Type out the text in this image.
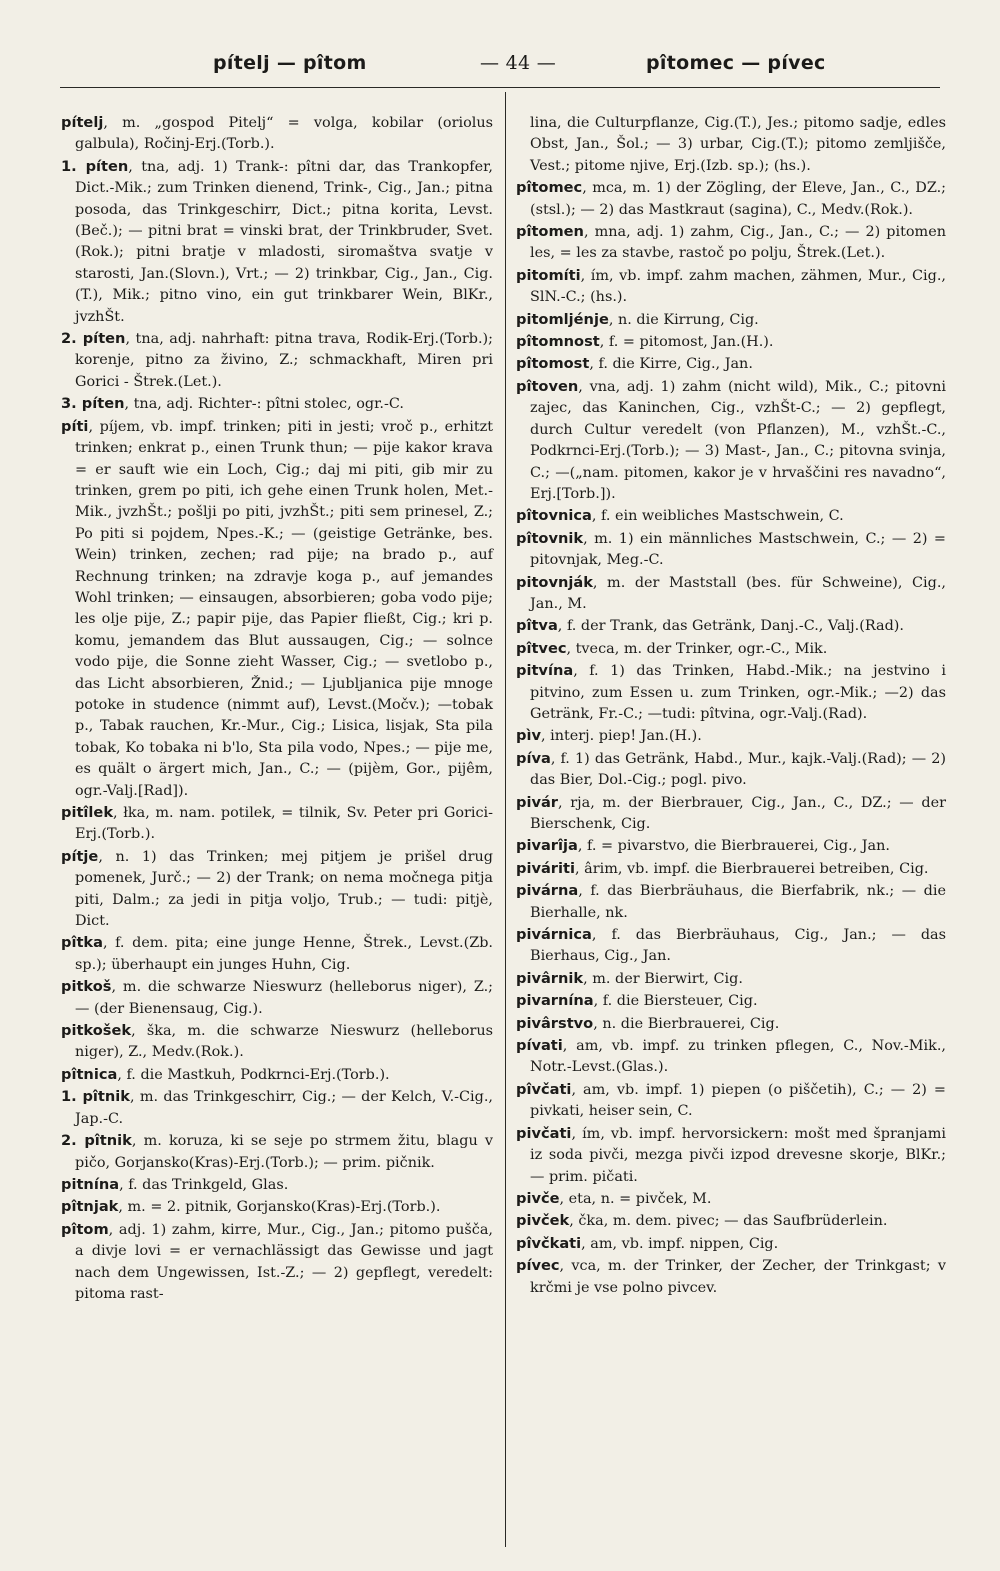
pítelj — pîtom	— 44 —	pîtomec — pívec

pítelj, m. „gospod Pitelj“ = volga, kobilar (oriolus galbula), Ročinj-Erj.(Torb.).

1. píten, tna, adj. 1) Trank-: pîtni dar, das Trankopfer, Dict.-Mik.; zum Trinken dienend, Trink-, Cig., Jan.; pitna posoda, das Trinkgeschirr, Dict.; pitna korita, Levst.(Beč.); — pitni brat = vinski brat, der Trinkbruder, Svet.(Rok.); pitni bratje v mladosti, siromaštva svatje v starosti, Jan.(Slovn.), Vrt.; — 2) trinkbar, Cig., Jan., Cig.(T.), Mik.; pitno vino, ein gut trinkbarer Wein, BlKr., jvzhŠt.

2. píten, tna, adj. nahrhaft: pitna trava, Rodik-Erj.(Torb.); korenje, pitno za živino, Z.; schmackhaft, Miren pri Gorici - Štrek.(Let.).

3. píten, tna, adj. Richter-: pîtni stolec, ogr.-C.

píti, píjem, vb. impf. trinken; piti in jesti; vroč p., erhitzt trinken; enkrat p., einen Trunk thun; — pije kakor krava = er sauft wie ein Loch, Cig.; daj mi piti, gib mir zu trinken, grem po piti, ich gehe einen Trunk holen, Met.-Mik., jvzhŠt.; pošlji po piti, jvzhŠt.; piti sem prinesel, Z.; Po piti si pojdem, Npes.-K.; — (geistige Getränke, bes. Wein) trinken, zechen; rad pije; na brado p., auf Rechnung trinken; na zdravje koga p., auf jemandes Wohl trinken; — einsaugen, absorbieren; goba vodo pije; les olje pije, Z.; papir pije, das Papier fließt, Cig.; kri p. komu, jemandem das Blut aussaugen, Cig.; — solnce vodo pije, die Sonne zieht Wasser, Cig.; — svetlobo p., das Licht absorbieren, Žnid.; — Ljubljanica pije mnoge potoke in studence (nimmt auf), Levst.(Močv.); —tobak p., Tabak rauchen, Kr.-Mur., Cig.; Lisica, lisjak, Sta pila tobak, Ko tobaka ni b'lo, Sta pila vodo, Npes.; — pije me, es quält o ärgert mich, Jan., C.; — (pijèm, Gor., pijêm, ogr.-Valj.[Rad]).

pitîlek, łka, m. nam. potilek, = tilnik, Sv. Peter pri Gorici-Erj.(Torb.).

pítje, n. 1) das Trinken; mej pitjem je prišel drug pomenek, Jurč.; — 2) der Trank; on nema močnega pitja piti, Dalm.; za jedi in pitja voljo, Trub.; — tudi: pitjè, Dict.

pîtka, f. dem. pita; eine junge Henne, Štrek., Levst.(Zb. sp.); überhaupt ein junges Huhn, Cig.

pitkoš, m. die schwarze Nieswurz (helleborus niger), Z.; — (der Bienensaug, Cig.).

pitkošek, ška, m. die schwarze Nieswurz (helleborus niger), Z., Medv.(Rok.).

pîtnica, f. die Mastkuh, Podkrnci-Erj.(Torb.).

1. pîtnik, m. das Trinkgeschirr, Cig.; — der Kelch, V.-Cig., Jap.-C.

2. pîtnik, m. koruza, ki se seje po strmem žitu, blagu v pičo, Gorjansko(Kras)-Erj.(Torb.); — prim. pičnik.

pitnína, f. das Trinkgeld, Glas.

pîtnjak, m. = 2. pitnik, Gorjansko(Kras)-Erj.(Torb.).

pîtom, adj. 1) zahm, kirre, Mur., Cig., Jan.; pitomo pušča, a divje lovi = er vernachlässigt das Gewisse und jagt nach dem Ungewissen, Ist.-Z.; — 2) gepflegt, veredelt: pitoma rast-

lina, die Culturpflanze, Cig.(T.), Jes.; pitomo sadje, edles Obst, Jan., Šol.; — 3) urbar, Cig.(T.); pitomo zemljišče, Vest.; pitome njive, Erj.(Izb. sp.); (hs.).

pîtomec, mca, m. 1) der Zögling, der Eleve, Jan., C., DZ.; (stsl.); — 2) das Mastkraut (sagina), C., Medv.(Rok.).

pîtomen, mna, adj. 1) zahm, Cig., Jan., C.; — 2) pitomen les, = les za stavbe, rastoč po polju, Štrek.(Let.).

pitomíti, ím, vb. impf. zahm machen, zähmen, Mur., Cig., SlN.-C.; (hs.).

pitomljénje, n. die Kirrung, Cig.

pîtomnost, f. = pitomost, Jan.(H.).

pîtomost, f. die Kirre, Cig., Jan.

pîtoven, vna, adj. 1) zahm (nicht wild), Mik., C.; pitovni zajec, das Kaninchen, Cig., vzhŠt-C.; — 2) gepflegt, durch Cultur veredelt (von Pflanzen), M., vzhŠt.-C., Podkrnci-Erj.(Torb.); — 3) Mast-, Jan., C.; pitovna svinja, C.; —(„nam. pitomen, kakor je v hrvaščini res navadno“, Erj.[Torb.]).

pîtovnica, f. ein weibliches Mastschwein, C.

pîtovnik, m. 1) ein männliches Mastschwein, C.; — 2) = pitovnjak, Meg.-C.

pitovnják, m. der Maststall (bes. für Schweine), Cig., Jan., M.

pîtva, f. der Trank, das Getränk, Danj.-C., Valj.(Rad).

pîtvec, tveca, m. der Trinker, ogr.-C., Mik.

pitvína, f. 1) das Trinken, Habd.-Mik.; na jestvino i pitvino, zum Essen u. zum Trinken, ogr.-Mik.; —2) das Getränk, Fr.-C.; —tudi: pîtvina, ogr.-Valj.(Rad).

pìv, interj. piep! Jan.(H.).

píva, f. 1) das Getränk, Habd., Mur., kajk.-Valj.(Rad); — 2) das Bier, Dol.-Cig.; pogl. pivo.

pivár, rja, m. der Bierbrauer, Cig., Jan., C., DZ.; — der Bierschenk, Cig.

pivarîja, f. = pivarstvo, die Bierbrauerei, Cig., Jan.

piváriti, ârim, vb. impf. die Bierbrauerei betreiben, Cig.

pivárna, f. das Bierbräuhaus, die Bierfabrik, nk.; — die Bierhalle, nk.

pivárnica, f. das Bierbräuhaus, Cig., Jan.; — das Bierhaus, Cig., Jan.

pivârnik, m. der Bierwirt, Cig.

pivarnína, f. die Biersteuer, Cig.

pivârstvo, n. die Bierbrauerei, Cig.

pívati, am, vb. impf. zu trinken pflegen, C., Nov.-Mik., Notr.-Levst.(Glas.).

pîvčati, am, vb. impf. 1) piepen (o piščetih), C.; — 2) = pivkati, heiser sein, C.

pivčati, ím, vb. impf. hervorsickern: mošt med špranjami iz soda pivči, mezga pivči izpod drevesne skorje, BlKr.; — prim. pičati.

pivče, eta, n. = pivček, M.

pivček, čka, m. dem. pivec; — das Saufbrüderlein.

pîvčkati, am, vb. impf. nippen, Cig.

pívec, vca, m. der Trinker, der Zecher, der Trinkgast; v krčmi je vse polno pivcev.
